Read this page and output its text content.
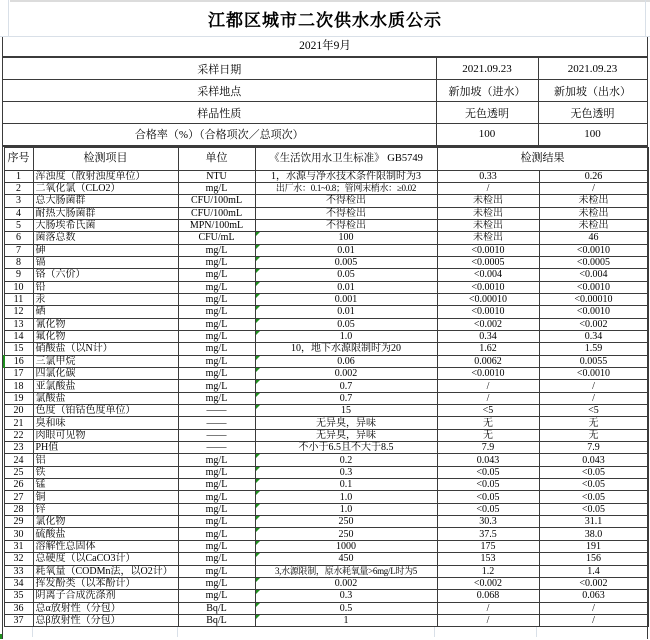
江都区城市二次供水水质公示
2021年9月
采样日期	2021.09.23	2021.09.23
采样地点	新加坡（进水）	新加坡（出水）
样品性质	无色透明	无色透明
合格率（%）（合格项次／总项次）	100	100
序号	检测项目	单位	《生活饮用水卫生标准》 GB5749	检测结果	
1	浑浊度（散射浊度单位）	NTU	1，水源与净水技术条件限制时为3	0.33	0.26
2	二氧化氯（CLO2）	mg/L	出厂水：0.1~0.8；管网末梢水：≥0.02	/	/
3	总大肠菌群	CFU/100mL	不得检出	未检出	未检出
4	耐热大肠菌群	CFU/100mL	不得检出	未检出	未检出
5	大肠埃希氏菌	MPN/100mL	不得检出	未检出	未检出
6	菌落总数	CFU/mL	100	未检出	46
7	砷	mg/L	0.01	<0.0010	<0.0010
8	镉	mg/L	0.005	<0.0005	<0.0005
9	铬（六价）	mg/L	0.05	<0.004	<0.004
10	铅	mg/L	0.01	<0.0010	<0.0010
11	汞	mg/L	0.001	<0.00010	<0.00010
12	硒	mg/L	0.01	<0.0010	<0.0010
13	氰化物	mg/L	0.05	<0.002	<0.002
14	氟化物	mg/L	1.0	0.34	0.34
15	硝酸盐（以N计）	mg/L	10，地下水源限制时为20	1.62	1.59
16	三氯甲烷	mg/L	0.06	0.0062	0.0055
17	四氯化碳	mg/L	0.002	<0.0010	<0.0010
18	亚氯酸盐	mg/L	0.7	/	/
19	氯酸盐	mg/L	0.7	/	/
20	色度（铂钴色度单位）	——	15	<5	<5
21	臭和味	——	无异臭，异味	无	无
22	肉眼可见物	——	无异臭，异味	无	无
23	PH值	——	不小于6.5且不大于8.5	7.9	7.9
24	铝	mg/L	0.2	0.043	0.043
25	铁	mg/L	0.3	<0.05	<0.05
26	锰	mg/L	0.1	<0.05	<0.05
27	铜	mg/L	1.0	<0.05	<0.05
28	锌	mg/L	1.0	<0.05	<0.05
29	氯化物	mg/L	250	30.3	31.1
30	硫酸盐	mg/L	250	37.5	38.0
31	溶解性总固体	mg/L	1000	175	191
32	总硬度（以CaCO3计）	mg/L	450	153	156
33	耗氧量（CODMn法，以O2计）	mg/L	3,水源限制，原水耗氧量>6mg/L时为5	1.2	1.4
34	挥发酚类（以苯酚计）	mg/L	0.002	<0.002	<0.002
35	阴离子合成洗涤剂	mg/L	0.3	0.068	0.063
36	总α放射性（分包）	Bq/L	0.5	/	/
37	总β放射性（分包）	Bq/L	1	/	/
